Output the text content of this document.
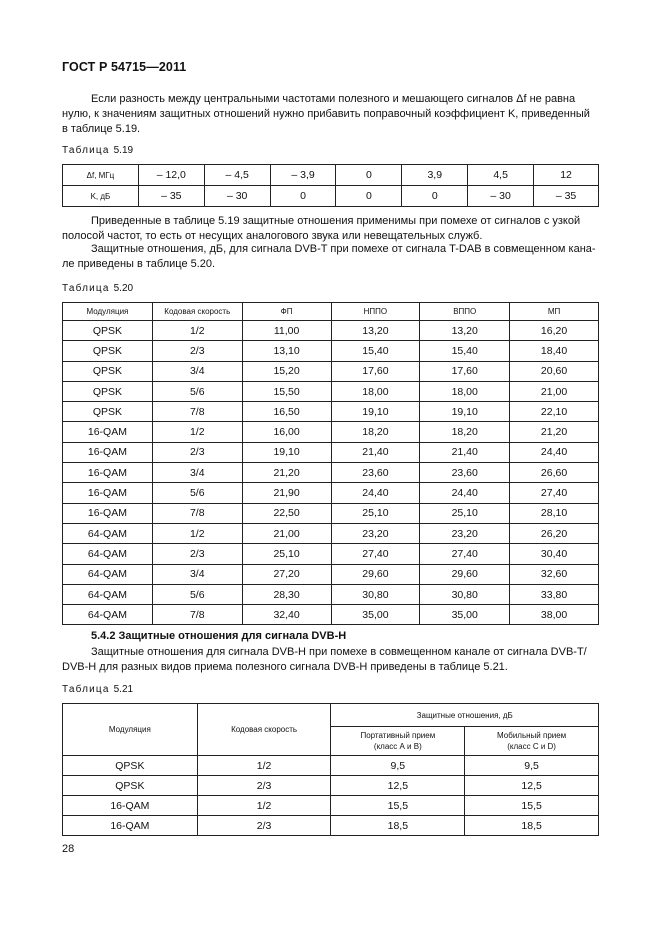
ГОСТ Р 54715—2011
Если разность между центральными частотами полезного и мешающего сигналов Δf не равна
нулю, к значениям защитных отношений нужно прибавить поправочный коэффициент K, приведенный
в таблице 5.19.
Таблица 5.19
Δf, МГц	– 12,0	– 4,5	– 3,9	0	3,9	4,5	12
K, дБ	– 35	– 30	0	0	0	– 30	– 35
Приведенные в таблице 5.19 защитные отношения применимы при помехе от сигналов с узкой
полосой частот, то есть от несущих аналогового звука или невещательных служб.
Защитные отношения, дБ, для сигнала DVB-T при помехе от сигнала T-DAB в совмещенном кана-
ле приведены в таблице 5.20.
Таблица 5.20
Модуляция	Кодовая скорость	ФП	НППО	ВППО	МП
QPSK	1/2	11,00	13,20	13,20	16,20
QPSK	2/3	13,10	15,40	15,40	18,40
QPSK	3/4	15,20	17,60	17,60	20,60
QPSK	5/6	15,50	18,00	18,00	21,00
QPSK	7/8	16,50	19,10	19,10	22,10
16-QAM	1/2	16,00	18,20	18,20	21,20
16-QAM	2/3	19,10	21,40	21,40	24,40
16-QAM	3/4	21,20	23,60	23,60	26,60
16-QAM	5/6	21,90	24,40	24,40	27,40
16-QAM	7/8	22,50	25,10	25,10	28,10
64-QAM	1/2	21,00	23,20	23,20	26,20
64-QAM	2/3	25,10	27,40	27,40	30,40
64-QAM	3/4	27,20	29,60	29,60	32,60
64-QAM	5/6	28,30	30,80	30,80	33,80
64-QAM	7/8	32,40	35,00	35,00	38,00
5.4.2 Защитные отношения для сигнала DVB-H
Защитные отношения для сигнала DVB-H при помехе в совмещенном канале от сигнала DVB-T/
DVB-H для разных видов приема полезного сигнала DVB-H приведены в таблице 5.21.
Таблица 5.21
Модуляция	Кодовая скорость	Защитные отношения, дБ	
		Портативный прием
(класс А и В)	Мобильный прием
(класс С и D)
QPSK	1/2	9,5	9,5
QPSK	2/3	12,5	12,5
16-QAM	1/2	15,5	15,5
16-QAM	2/3	18,5	18,5
28
